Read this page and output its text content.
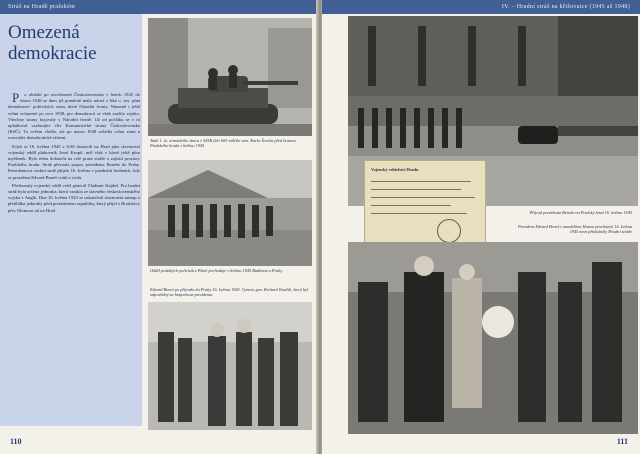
Stráž na Hradě pražském
Omezená
demokracie

P o období po osvobození Československa v letech 1945 do února 1948 se dnes již poměrně málo mluví a říká o ‚tzv. plná demokracie‘ politických stran, které Národní fronty. Názorně i ještě velmi ochuzené po roce 1938, pro demokracii se však zrušilo vojsko. Všechny strany bojovaly v Národní frontě. Už od počátku se v ní uplatňoval vzrůstající vliv Komunistické strany Československa (KSČ). Ta ovšem vládla, ale po únoru 1948 ovládla celou zemi a rozvrátila demokratické zřízení.

Když se 16. května 1945 v 6.00 dostavili na Hrad jako slavnostní vojenský oddíl plukovník Josef Krupil, měl vlak v hlavě ještě plno myšlenek. Bylo třeba dokončit na celé praze stráže a zajistit prostory Pražského hradu. Stráž převzala prapor prezidenta Beneše do Prahy. Prezidentova osobní stráž přijela 16. května v pozdních hodinách, kdy se prezident Edvard Beneš vrátil z exilu.

Předsunutý vojenský oddíl velel generál Vladimír Kajdoš. Pro hradní stráž byla určena jednotka, která vznikla ze slavného československého vojska v Anglii. Dne 16. května 1945 se uskutečnil slavnostní nástup a přehlídka jednotky před prezidentem republiky, který přijel z Bratislavy přes Olomouc až na Hrad.

Tank 1. čs. armádního sboru v SSSR (šlo 603-válčilo vzm. Karla Ševeka před branou Pražského hradu v květnu 1945
Oddíl pražských policistů z Plzně pochoduje v květnu 1945 Budínem a Prahy
Edvard Beneš po příjezdu do Prahy 16. května 1945. Vpravo gen. Richard Tesařík, který byl odpovědný za bezpečnost prezidenta
110
IV. – Hradní stráž na křižovatce (1945 až 1948)
Vojenský velitelství Hradu
Příjezd prezidenta Beneše na Pražský hrad 16. května 1945
Prezident Edvard Beneš s manželkou Hanou procházejí 16. května 1945 mezi příslušníky Hradní stráže
111
